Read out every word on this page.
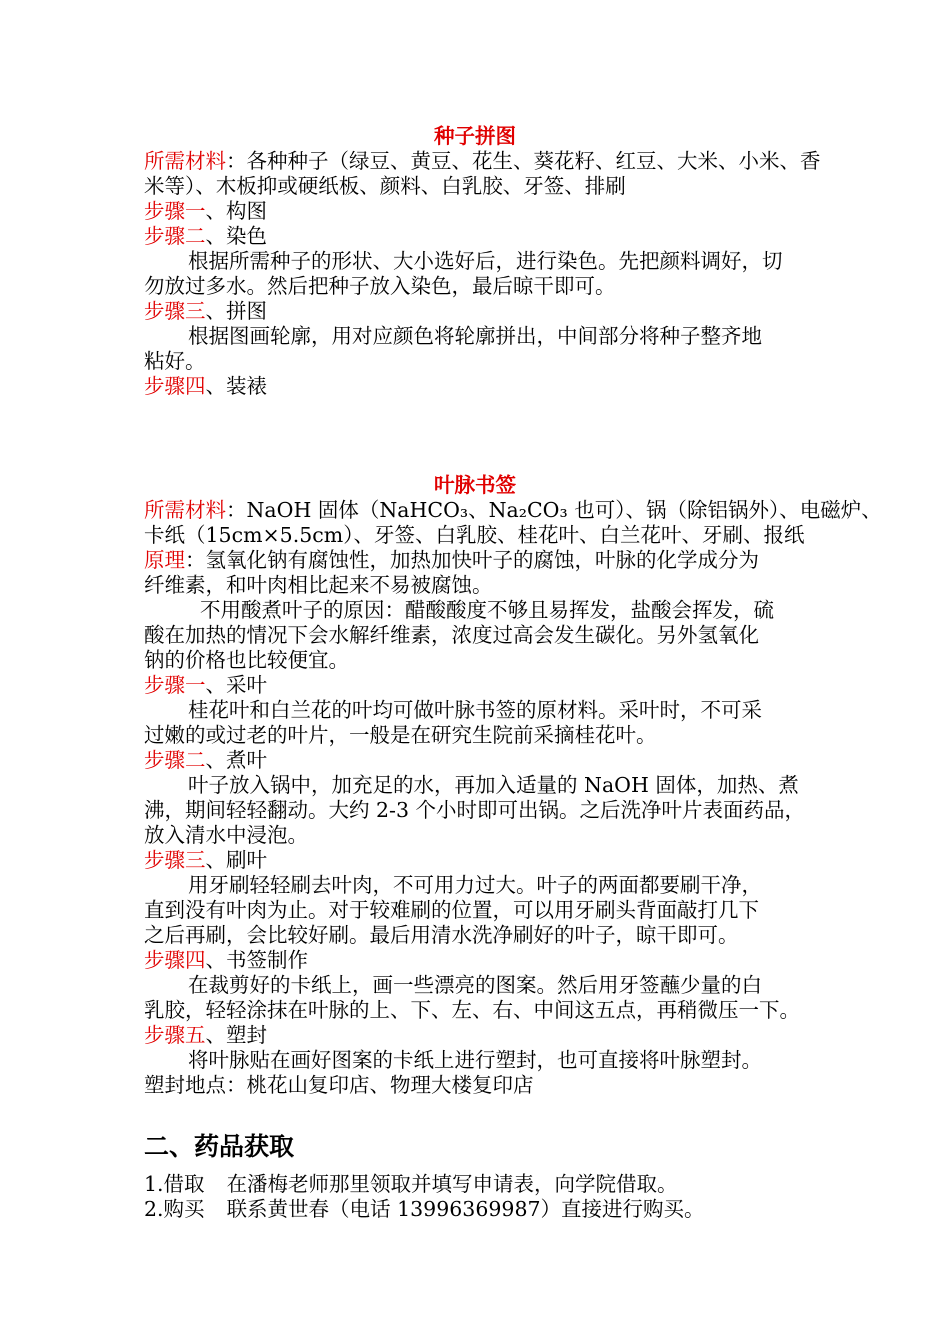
种子拼图
所需材料：各种种子（绿豆、黄豆、花生、葵花籽、红豆、大米、小米、香
米等）、木板抑或硬纸板、颜料、白乳胶、牙签、排刷
步骤一、构图
步骤二、染色
根据所需种子的形状、大小选好后，进行染色。先把颜料调好，切
勿放过多水。然后把种子放入染色，最后晾干即可。
步骤三、拼图
根据图画轮廓，用对应颜色将轮廓拼出，中间部分将种子整齐地
粘好。
步骤四、装裱
叶脉书签
所需材料：NaOH 固体（NaHCO₃、Na₂CO₃ 也可）、锅（除铝锅外）、电磁炉、
卡纸（15cm×5.5cm）、牙签、白乳胶、桂花叶、白兰花叶、牙刷、报纸
原理：氢氧化钠有腐蚀性，加热加快叶子的腐蚀，叶脉的化学成分为
纤维素，和叶肉相比起来不易被腐蚀。
不用酸煮叶子的原因：醋酸酸度不够且易挥发，盐酸会挥发，硫
酸在加热的情况下会水解纤维素，浓度过高会发生碳化。另外氢氧化
钠的价格也比较便宜。
步骤一、采叶
桂花叶和白兰花的叶均可做叶脉书签的原材料。采叶时，不可采
过嫩的或过老的叶片，一般是在研究生院前采摘桂花叶。
步骤二、煮叶
叶子放入锅中，加充足的水，再加入适量的 NaOH 固体，加热、煮
沸，期间轻轻翻动。大约 2-3 个小时即可出锅。之后洗净叶片表面药品，
放入清水中浸泡。
步骤三、刷叶
用牙刷轻轻刷去叶肉，不可用力过大。叶子的两面都要刷干净，
直到没有叶肉为止。对于较难刷的位置，可以用牙刷头背面敲打几下
之后再刷，会比较好刷。最后用清水洗净刷好的叶子，晾干即可。
步骤四、书签制作
在裁剪好的卡纸上，画一些漂亮的图案。然后用牙签蘸少量的白
乳胶，轻轻涂抹在叶脉的上、下、左、右、中间这五点，再稍微压一下。
步骤五、塑封
将叶脉贴在画好图案的卡纸上进行塑封，也可直接将叶脉塑封。
塑封地点：桃花山复印店、物理大楼复印店
二、药品获取
1.借取 在潘梅老师那里领取并填写申请表，向学院借取。
2.购买 联系黄世春（电话 13996369987）直接进行购买。
